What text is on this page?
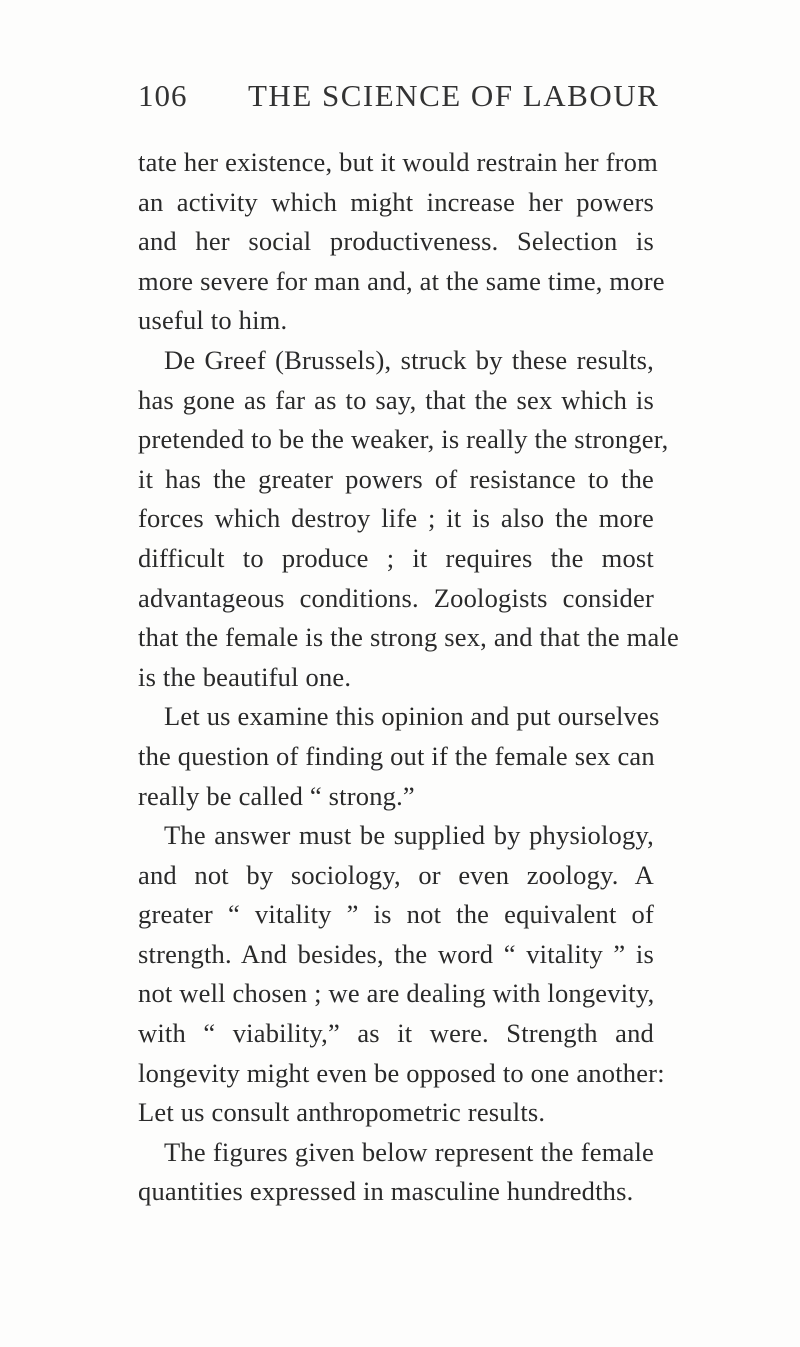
106 THE SCIENCE OF LABOUR
tate her existence, but it would restrain her from
an activity which might increase her powers
and her social productiveness. Selection is
more severe for man and, at the same time, more
useful to him.
De Greef (Brussels), struck by these results,
has gone as far as to say, that the sex which is
pretended to be the weaker, is really the stronger,
it has the greater powers of resistance to the
forces which destroy life ; it is also the more
difficult to produce ; it requires the most
advantageous conditions. Zoologists consider
that the female is the strong sex, and that the male
is the beautiful one.
Let us examine this opinion and put ourselves
the question of finding out if the female sex can
really be called “ strong.”
The answer must be supplied by physiology,
and not by sociology, or even zoology. A
greater “ vitality ” is not the equivalent of
strength. And besides, the word “ vitality ” is
not well chosen ; we are dealing with longevity,
with “ viability,” as it were. Strength and
longevity might even be opposed to one another:
Let us consult anthropometric results.
The figures given below represent the female
quantities expressed in masculine hundredths.
